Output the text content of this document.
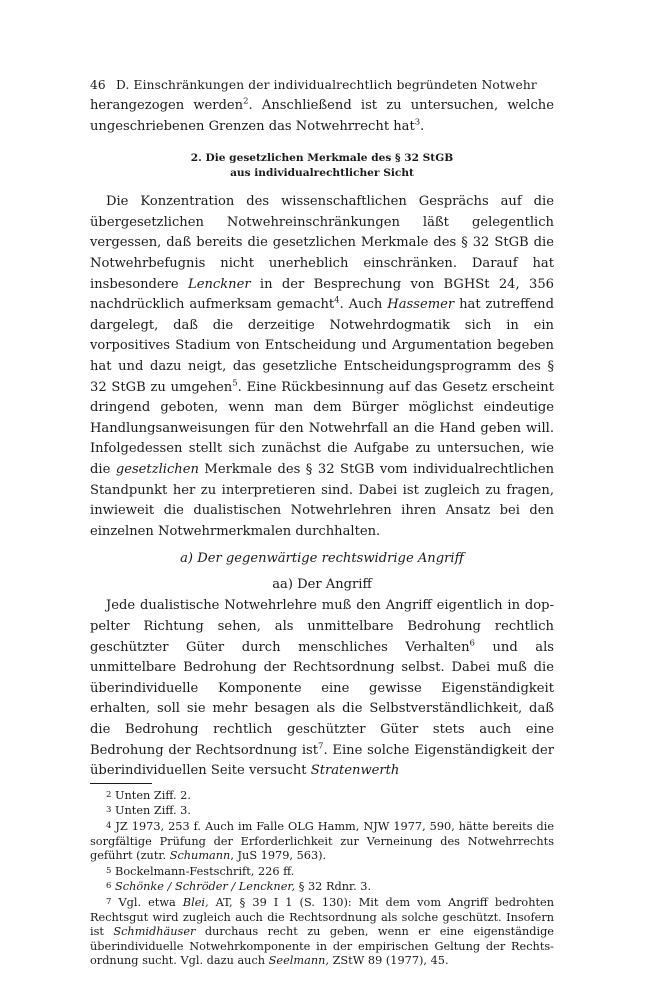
46 D. Einschränkungen der individualrechtlich begründeten Notwehr

herangezogen werden$^2$. Anschließend ist zu untersuchen, welche ungeschriebenen Grenzen das Notwehrrecht hat$^3$.

2. Die gesetzlichen Merkmale des § 32 StGB
aus individualrechtlicher Sicht

Die Konzentration des wissenschaftlichen Gesprächs auf die übergesetzlichen Notwehreinschränkungen läßt gelegentlich vergessen, daß bereits die gesetzlichen Merkmale des § 32 StGB die Notwehrbefugnis nicht unerheblich einschränken. Darauf hat insbesondere Lenckner in der Besprechung von BGHSt 24, 356 nachdrücklich aufmerksam gemacht$^4$. Auch Hassemer hat zutreffend dargelegt, daß die derzeitige Notwehrdogmatik sich in ein vorpositives Stadium von Entscheidung und Argumentation begeben hat und dazu neigt, das gesetzliche Entscheidungsprogramm des § 32 StGB zu umgehen$^5$. Eine Rückbesinnung auf das Gesetz erscheint dringend geboten, wenn man dem Bürger möglichst eindeutige Handlungsanweisungen für den Notwehrfall an die Hand geben will. Infolgedessen stellt sich zunächst die Aufgabe zu untersuchen, wie die gesetzlichen Merkmale des § 32 StGB vom individualrechtlichen Standpunkt her zu interpretieren sind. Dabei ist zugleich zu fragen, inwieweit die dualistischen Notwehrlehren ihren Ansatz bei den einzelnen Notwehrmerkmalen durchhalten.

a) Der gegenwärtige rechtswidrige Angriff
aa) Der Angriff

Jede dualistische Notwehrlehre muß den Angriff eigentlich in doppelter Richtung sehen, als unmittelbare Bedrohung rechtlich geschützter Güter durch menschliches Verhalten$^6$ und als unmittelbare Bedrohung der Rechtsordnung selbst. Dabei muß die überindividuelle Komponente eine gewisse Eigenständigkeit erhalten, soll sie mehr besagen als die Selbstverständlichkeit, daß die Bedrohung rechtlich geschützter Güter stets auch eine Bedrohung der Rechtsordnung ist$^7$. Eine solche Eigenständigkeit der überindividuellen Seite versucht Stratenwerth

2 Unten Ziff. 2.

3 Unten Ziff. 3.

4 JZ 1973, 253 f. Auch im Falle OLG Hamm, NJW 1977, 590, hätte bereits die sorgfältige Prüfung der Erforderlichkeit zur Verneinung des Notwehrrechts geführt (zutr. Schumann, JuS 1979, 563).

5 Bockelmann-Festschrift, 226 ff.

6 Schönke / Schröder / Lenckner, § 32 Rdnr. 3.

7 Vgl. etwa Blei, AT, § 39 I 1 (S. 130): Mit dem vom Angriff bedrohten Rechtsgut wird zugleich auch die Rechtsordnung als solche geschützt. Insofern ist Schmidhäuser durchaus recht zu geben, wenn er eine eigenständige überindividuelle Notwehrkomponente in der empirischen Geltung der Rechtsordnung sucht. Vgl. dazu auch Seelmann, ZStW 89 (1977), 45.
